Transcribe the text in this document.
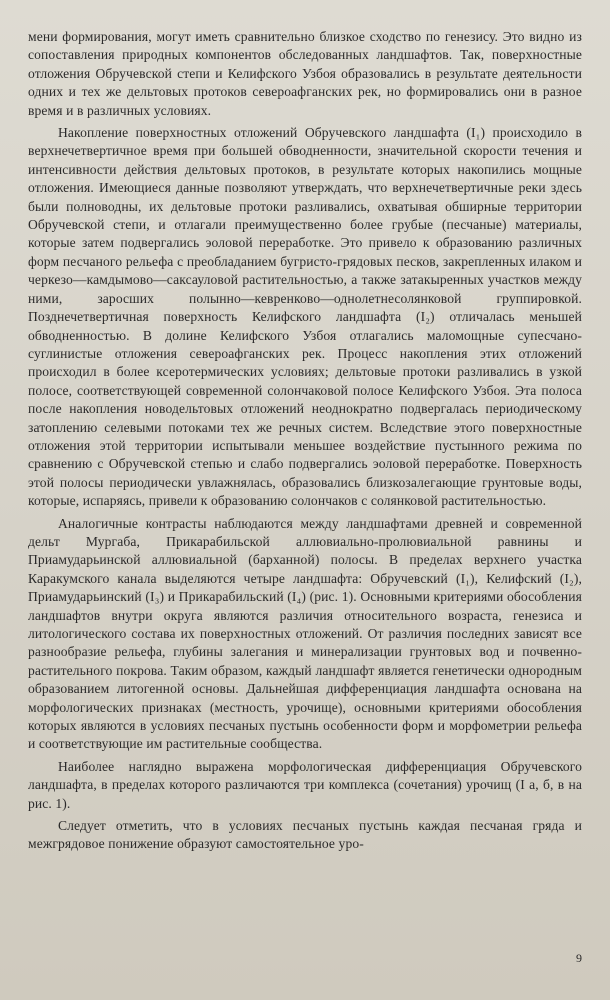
мени формирования, могут иметь сравнительно близкое сходство по генезису. Это видно из сопоставления природных компонентов обследованных ландшафтов. Так, поверхностные отложения Обручевской степи и Келифского Узбоя образовались в результате деятельности одних и тех же дельтовых протоков североафганских рек, но формировались они в разное время и в различных условиях.

Накопление поверхностных отложений Обручевского ландшафта (I₁) происходило в верхнечетвертичное время при большей обводненности, значительной скорости течения и интенсивности действия дельтовых протоков, в результате которых накопились мощные отложения. Имеющиеся данные позволяют утверждать, что верхнечетвертичные реки здесь были полноводны, их дельтовые протоки разливались, охватывая обширные территории Обручевской степи, и отлагали преимущественно более грубые (песчаные) материалы, которые затем подвергались эоловой переработке. Это привело к образованию различных форм песчаного рельефа с преобладанием бугристо-грядовых песков, закрепленных илаком и черкезо—камдымово—саксауловой растительностью, а также затакыренных участков между ними, заросших полынно—кевренково—однолетнесолянковой группировкой. Позднечетвертичная поверхность Келифского ландшафта (I₂) отличалась меньшей обводненностью. В долине Келифского Узбоя отлагались маломощные супесчано-суглинистые отложения североафганских рек. Процесс накопления этих отложений происходил в более ксеротермических условиях; дельтовые протоки разливались в узкой полосе, соответствующей современной солончаковой полосе Келифского Узбоя. Эта полоса после накопления новодельтовых отложений неоднократно подвергалась периодическому затоплению селевыми потоками тех же речных систем. Вследствие этого поверхностные отложения этой территории испытывали меньшее воздействие пустынного режима по сравнению с Обручевской степью и слабо подвергались эоловой переработке. Поверхность этой полосы периодически увлажнялась, образовались близкозалегающие грунтовые воды, которые, испаряясь, привели к образованию солончаков с солянковой растительностью.

Аналогичные контрасты наблюдаются между ландшафтами древней и современной дельт Мургаба, Прикарабильской аллювиально-пролювиальной равнины и Приамударьинской аллювиальной (барханной) полосы. В пределах верхнего участка Каракумского канала выделяются четыре ландшафта: Обручевский (I₁), Келифский (I₂), Приамударьинский (I₃) и Прикарабильский (I₄) (рис. 1). Основными критериями обособления ландшафтов внутри округа являются различия относительного возраста, генезиса и литологического состава их поверхностных отложений. От различия последних зависят все разнообразие рельефа, глубины залегания и минерализации грунтовых вод и почвенно-растительного покрова. Таким образом, каждый ландшафт является генетически однородным образованием литогенной основы. Дальнейшая дифференциация ландшафта основана на морфологических признаках (местность, урочище), основными критериями обособления которых являются в условиях песчаных пустынь особенности форм и морфометрии рельефа и соответствующие им растительные сообщества.

Наиболее наглядно выражена морфологическая дифференциация Обручевского ландшафта, в пределах которого различаются три комплекса (сочетания) урочищ (I а, б, в на рис. 1).

Следует отметить, что в условиях песчаных пустынь каждая песчаная гряда и межгрядовое понижение образуют самостоятельное уро-

9
